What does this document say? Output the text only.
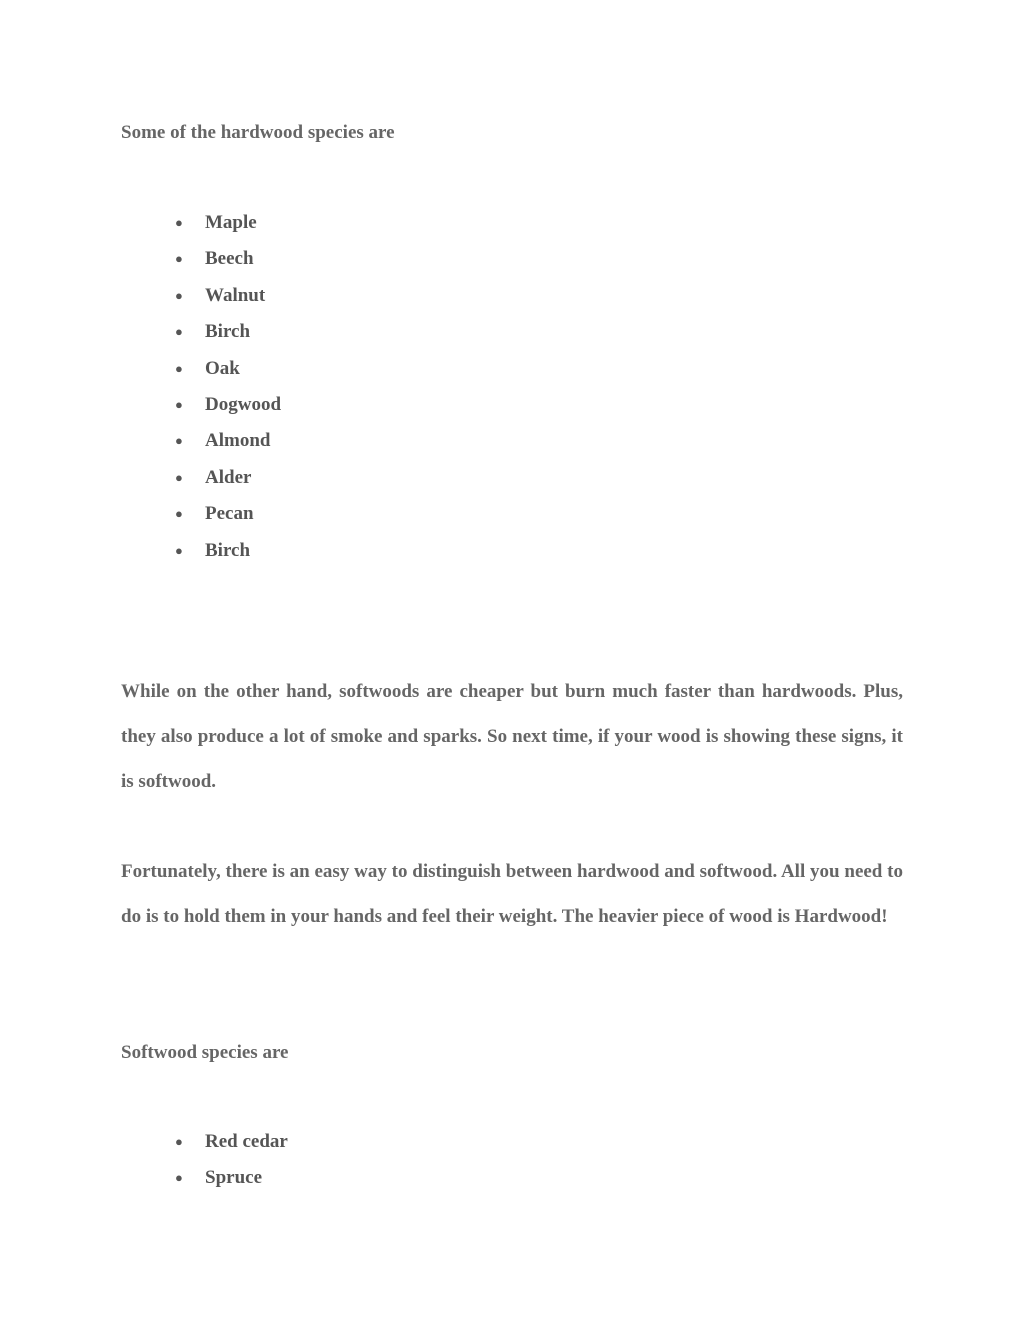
Some of the hardwood species are

● Maple
● Beech
● Walnut
● Birch
● Oak
● Dogwood
● Almond
● Alder
● Pecan
● Birch

While on the other hand, softwoods are cheaper but burn much faster than hardwoods. Plus, they also produce a lot of smoke and sparks. So next time, if your wood is showing these signs, it is softwood.

Fortunately, there is an easy way to distinguish between hardwood and softwood. All you need to do is to hold them in your hands and feel their weight. The heavier piece of wood is Hardwood!

Softwood species are

● Red cedar
● Spruce
